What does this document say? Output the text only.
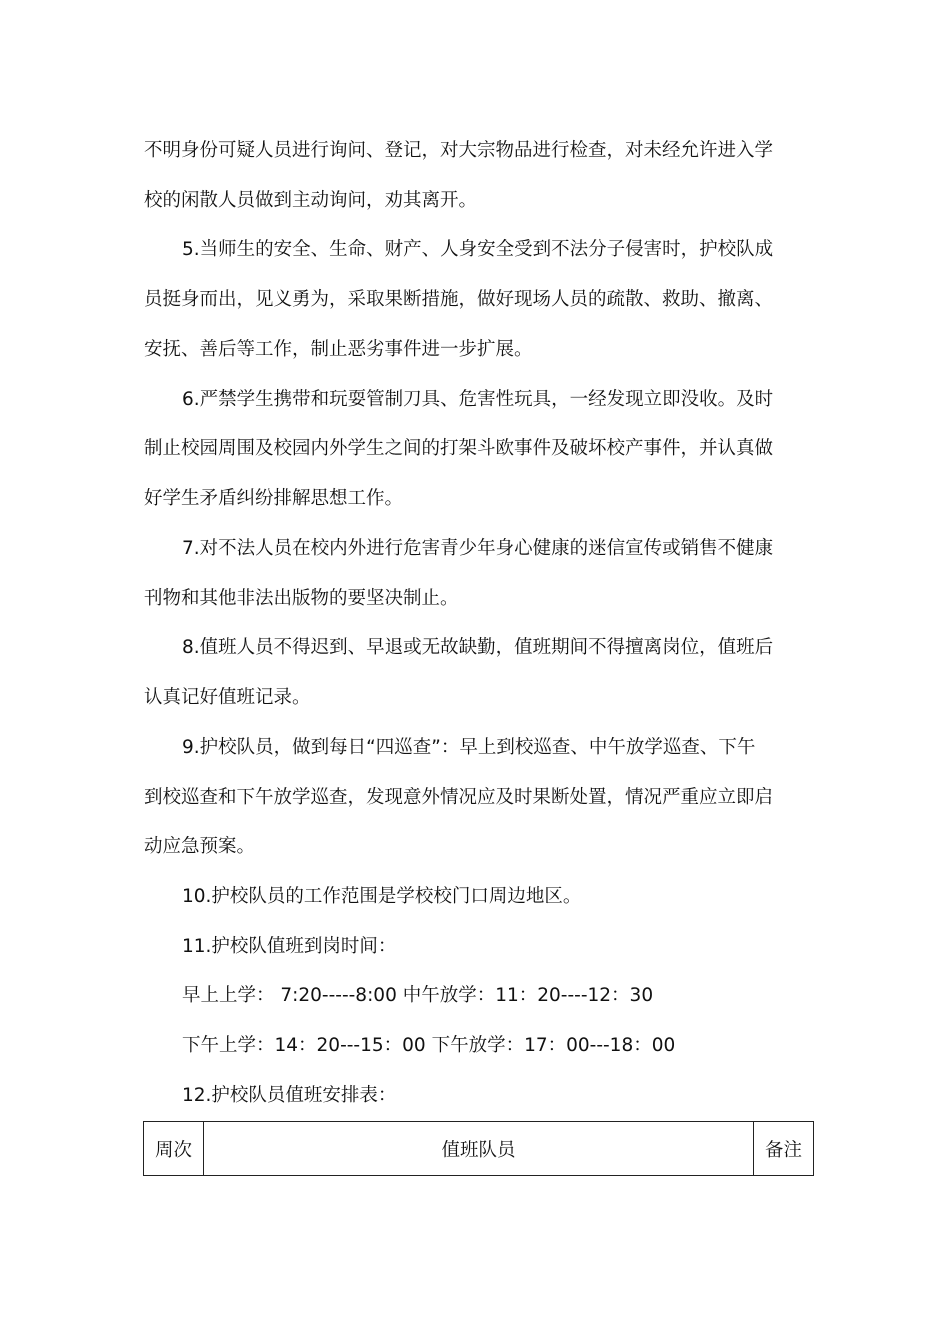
不明身份可疑人员进行询问、登记，对大宗物品进行检查，对未经允许进入学
校的闲散人员做到主动询问，劝其离开。
5.当师生的安全、生命、财产、人身安全受到不法分子侵害时，护校队成
员挺身而出，见义勇为，采取果断措施，做好现场人员的疏散、救助、撤离、
安抚、善后等工作，制止恶劣事件进一步扩展。
6.严禁学生携带和玩耍管制刀具、危害性玩具，一经发现立即没收。及时
制止校园周围及校园内外学生之间的打架斗欧事件及破坏校产事件，并认真做
好学生矛盾纠纷排解思想工作。
7.对不法人员在校内外进行危害青少年身心健康的迷信宣传或销售不健康
刊物和其他非法出版物的要坚决制止。
8.值班人员不得迟到、早退或无故缺勤，值班期间不得擅离岗位，值班后
认真记好值班记录。
9.护校队员，做到每日“四巡查”：早上到校巡查、中午放学巡查、下午
到校巡查和下午放学巡查，发现意外情况应及时果断处置，情况严重应立即启
动应急预案。
10.护校队员的工作范围是学校校门口周边地区。
11.护校队值班到岗时间：
早上上学： 7:20-----8:00 中午放学：11：20----12：30
下午上学：14：20---15：00 下午放学：17：00---18：00
12.护校队员值班安排表：
周次	值班队员	备注
